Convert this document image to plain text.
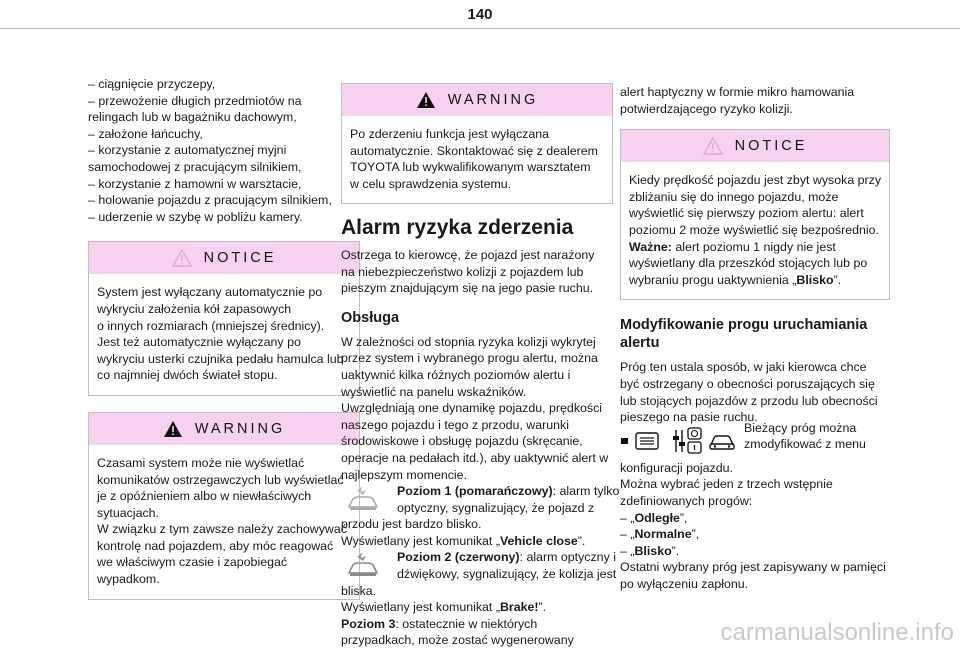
140
– ciągnięcie przyczepy,
– przewożenie długich przedmiotów na
relingach lub w bagażniku dachowym,
– założone łańcuchy,
– korzystanie z automatycznej myjni
samochodowej z pracującym silnikiem,
– korzystanie z hamowni w warsztacie,
– holowanie pojazdu z pracującym silnikiem,
– uderzenie w szybę w pobliżu kamery.
NOTICE
System jest wyłączany automatycznie po
wykryciu założenia kół zapasowych
o innych rozmiarach (mniejszej średnicy).
Jest też automatycznie wyłączany po
wykryciu usterki czujnika pedału hamulca lub
co najmniej dwóch świateł stopu.
WARNING
Czasami system może nie wyświetlać
komunikatów ostrzegawczych lub wyświetlać
je z opóźnieniem albo w niewłaściwych
sytuacjach.
W związku z tym zawsze należy zachowywać
kontrolę nad pojazdem, aby móc reagować
we właściwym czasie i zapobiegać
wypadkom.
WARNING
Po zderzeniu funkcja jest wyłączana
automatycznie. Skontaktować się z dealerem
TOYOTA lub wykwalifikowanym warsztatem
w celu sprawdzenia systemu.
Alarm ryzyka zderzenia
Ostrzega to kierowcę, że pojazd jest narażony
na niebezpieczeństwo kolizji z pojazdem lub
pieszym znajdującym się na jego pasie ruchu.
Obsługa
W zależności od stopnia ryzyka kolizji wykrytej
przez system i wybranego progu alertu, można
uaktywnić kilka różnych poziomów alertu i
wyświetlić na panelu wskaźników.
Uwzględniają one dynamikę pojazdu, prędkości
naszego pojazdu i tego z przodu, warunki
środowiskowe i obsługę pojazdu (skręcanie,
operacje na pedałach itd.), aby uaktywnić alert w
najlepszym momencie.
Poziom 1 (pomarańczowy): alarm tylko
optyczny, sygnalizujący, że pojazd z
przodu jest bardzo blisko.
Wyświetlany jest komunikat „Vehicle close”.
Poziom 2 (czerwony): alarm optyczny i
dźwiękowy, sygnalizujący, że kolizja jest
bliska.
Wyświetlany jest komunikat „Brake!”.
Poziom 3: ostatecznie w niektórych
przypadkach, może zostać wygenerowany
alert haptyczny w formie mikro hamowania
potwierdzającego ryzyko kolizji.
NOTICE
Kiedy prędkość pojazdu jest zbyt wysoka przy
zbliżaniu się do innego pojazdu, może
wyświetlić się pierwszy poziom alertu: alert
poziomu 2 może wyświetlić się bezpośrednio.
Ważne: alert poziomu 1 nigdy nie jest
wyświetlany dla przeszkód stojących lub po
wybraniu progu uaktywnienia „Blisko”.
Modyfikowanie progu uruchamiania
alertu
Próg ten ustala sposób, w jaki kierowca chce
być ostrzegany o obecności poruszających się
lub stojących pojazdów z przodu lub obecności
pieszego na pasie ruchu.
Bieżący próg można
zmodyfikować z menu
konfiguracji pojazdu.
Można wybrać jeden z trzech wstępnie
zdefiniowanych progów:
– „Odległe”,
– „Normalne”,
– „Blisko”.
Ostatni wybrany próg jest zapisywany w pamięci
po wyłączeniu zapłonu.
carmanualsonline.info
